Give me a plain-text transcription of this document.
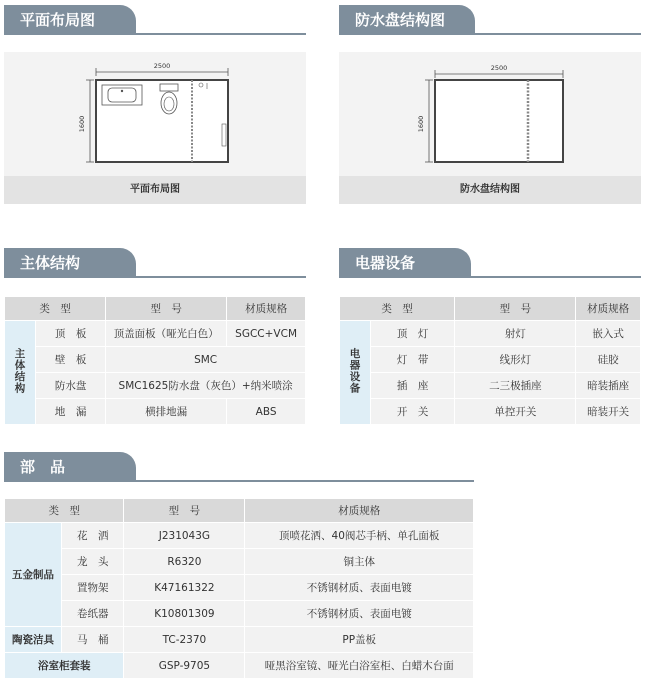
平面布局图
2500
1600
平面布局图
防水盘结构图
2500
1600
防水盘结构图
主体结构
类　型		型　号	材质规格
主体结构	顶　板	顶盖面板（哑光白色）	SGCC+VCM
	壁　板	SMC	
	防水盘	SMC1625防水盘（灰色）+纳米喷涂	
	地　漏	横排地漏	ABS
电器设备
类　型		型　号	材质规格
电器设备	顶　灯	射灯	嵌入式
	灯　带	线形灯	硅胶
	插　座	二三极插座	暗装插座
	开　关	单控开关	暗装开关
部　品
类　型		型　号	材质规格
五金制品	花　洒	J231043G	顶喷花洒、40阀芯手柄、单孔面板
	龙　头	R6320	铜主体
	置物架	K47161322	不锈钢材质、表面电镀
	卷纸器	K10801309	不锈钢材质、表面电镀
陶瓷洁具	马　桶	TC-2370	PP盖板
浴室柜套装		GSP-9705	哑黑浴室镜、哑光白浴室柜、白蜡木台面
